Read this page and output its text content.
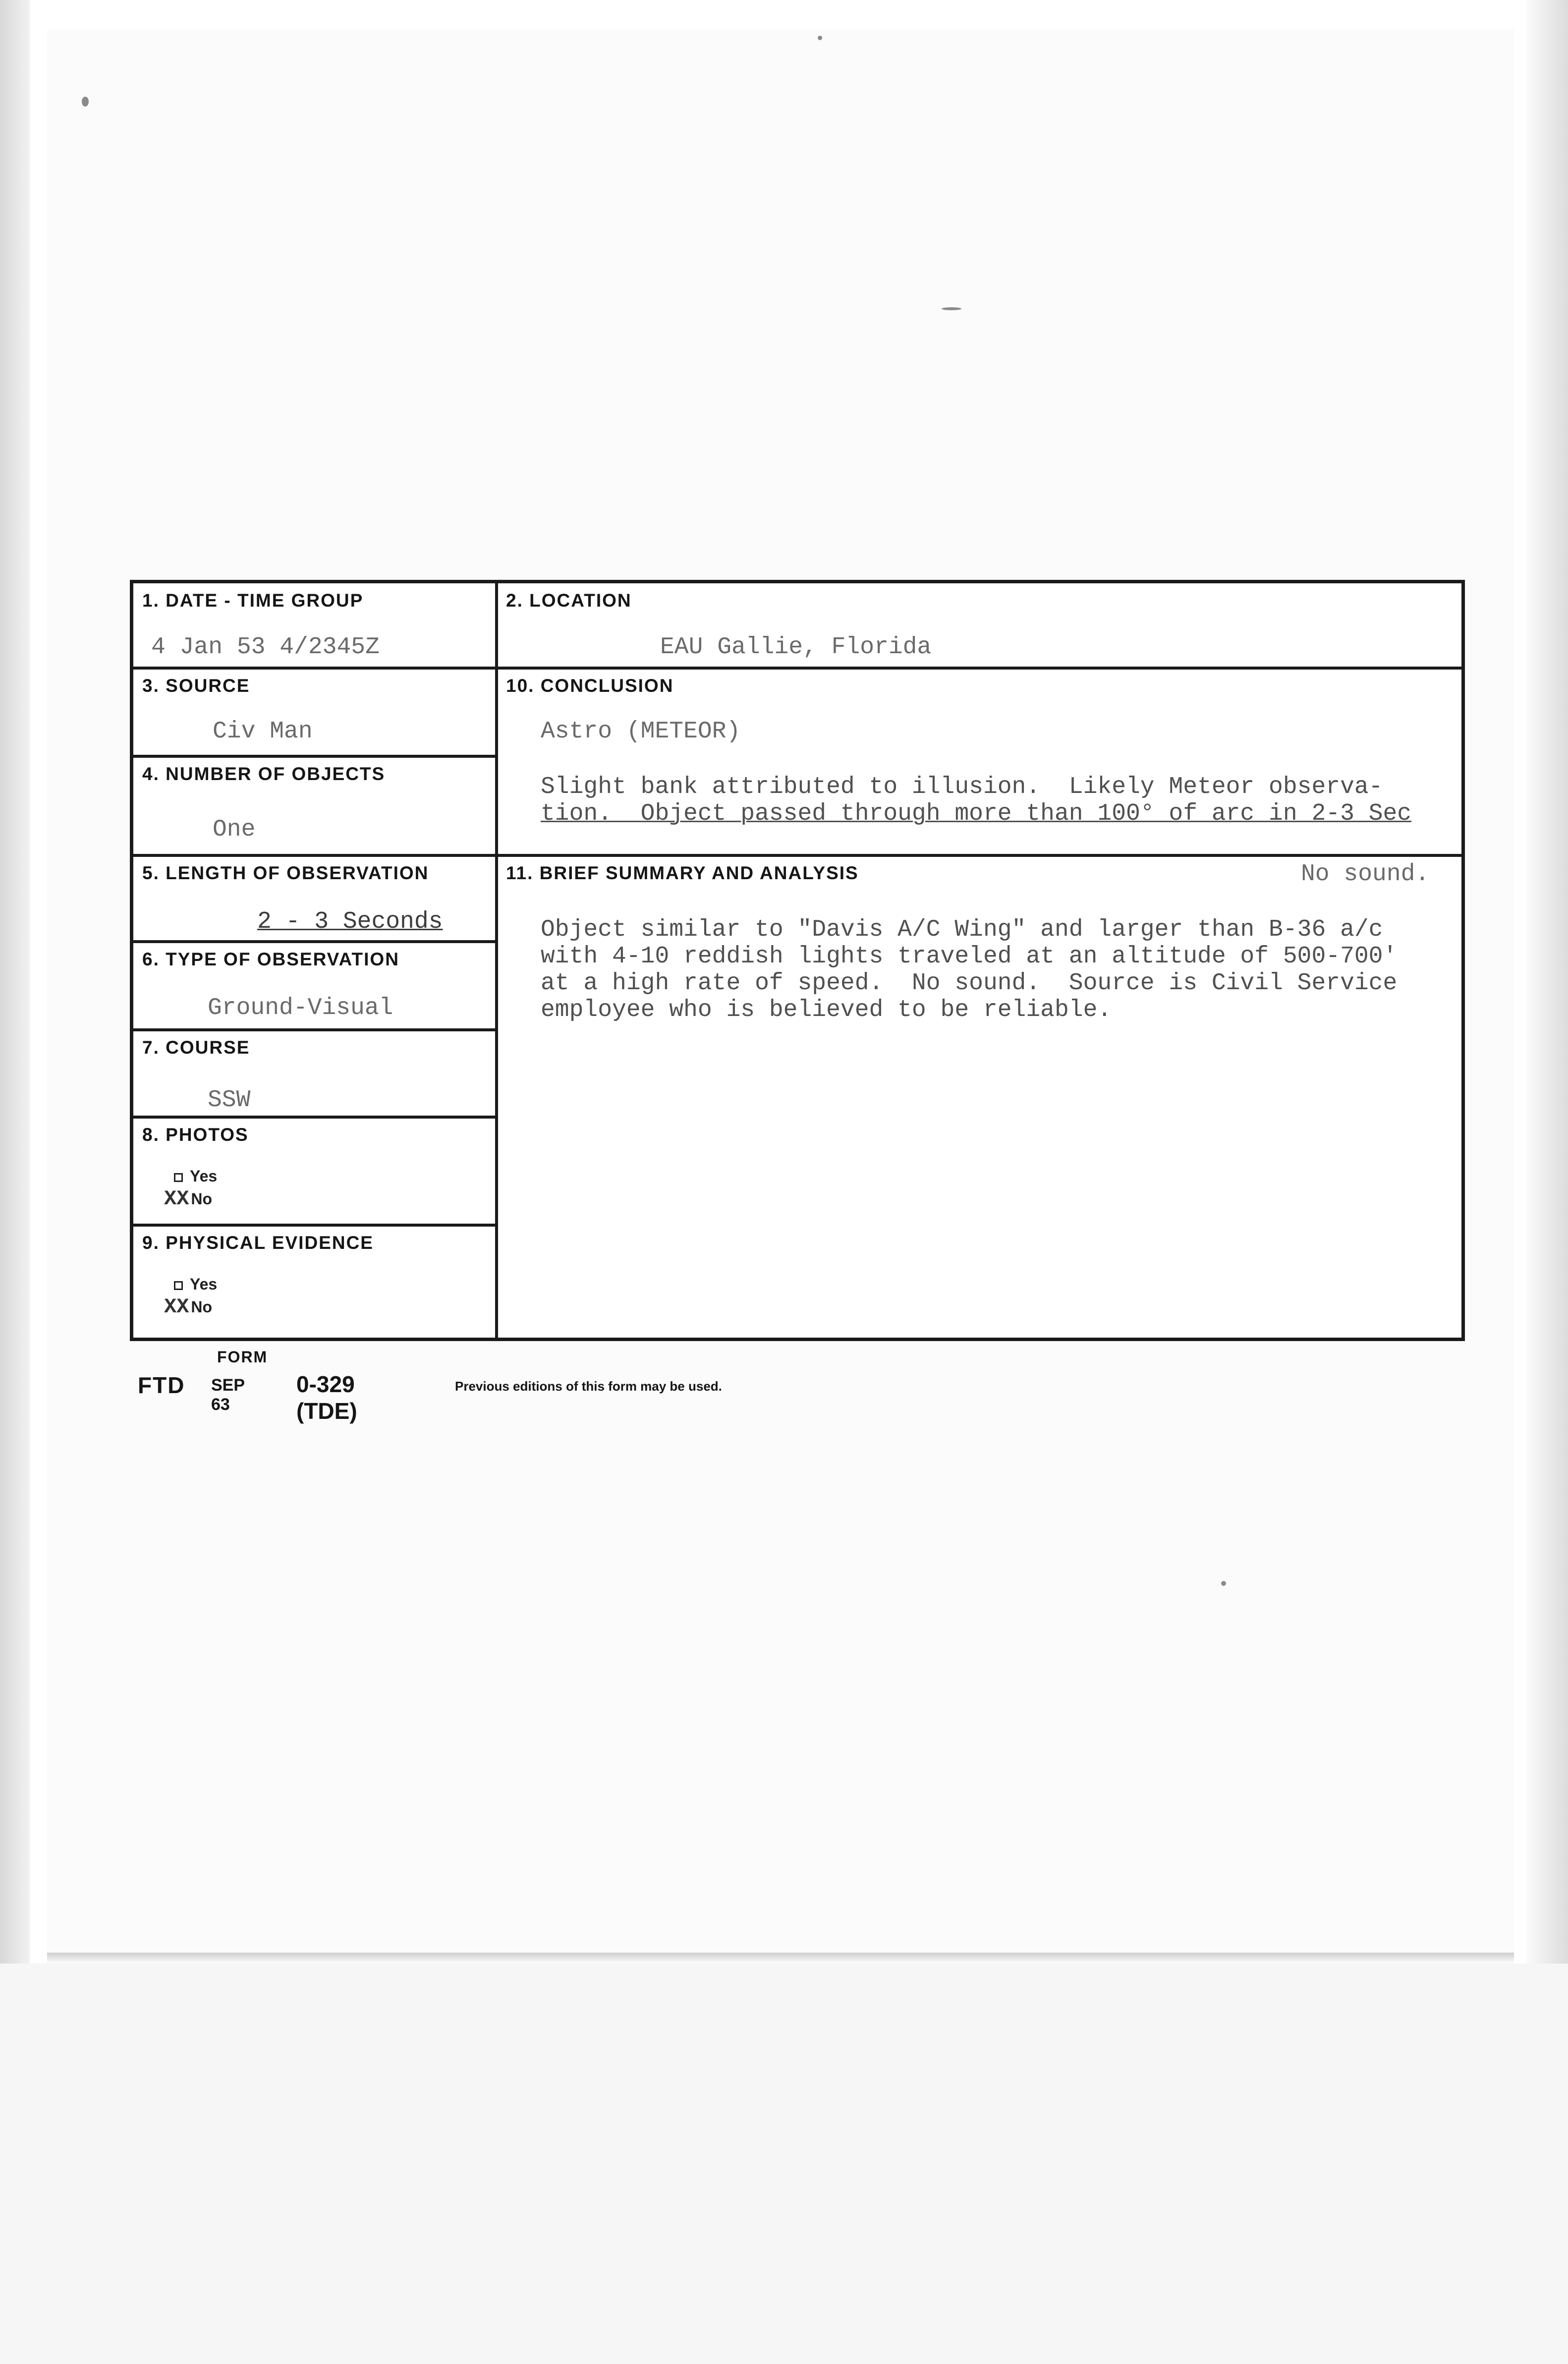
1. DATE - TIME GROUP
4 Jan 53 4/2345Z
2. LOCATION
EAU Gallie, Florida
3. SOURCE
Civ Man
10. CONCLUSION
Astro (METEOR)
Slight bank attributed to illusion.  Likely Meteor observa-
tion.  Object passed through more than 100° of arc in 2-3 Sec
4. NUMBER OF OBJECTS
One
5. LENGTH OF OBSERVATION
2 - 3 Seconds
11. BRIEF SUMMARY AND ANALYSIS	No sound.
Object similar to "Davis A/C Wing" and larger than B-36 a/c
with 4-10 reddish lights traveled at an altitude of 500-700'
at a high rate of speed.  No sound.  Source is Civil Service
employee who is believed to be reliable.
6. TYPE OF OBSERVATION
Ground-Visual
7. COURSE
SSW
8. PHOTOS
Yes
XX No
9. PHYSICAL EVIDENCE
Yes
XX No
FORM
FTD SEP 63
0-329 (TDE)
Previous editions of this form may be used.
